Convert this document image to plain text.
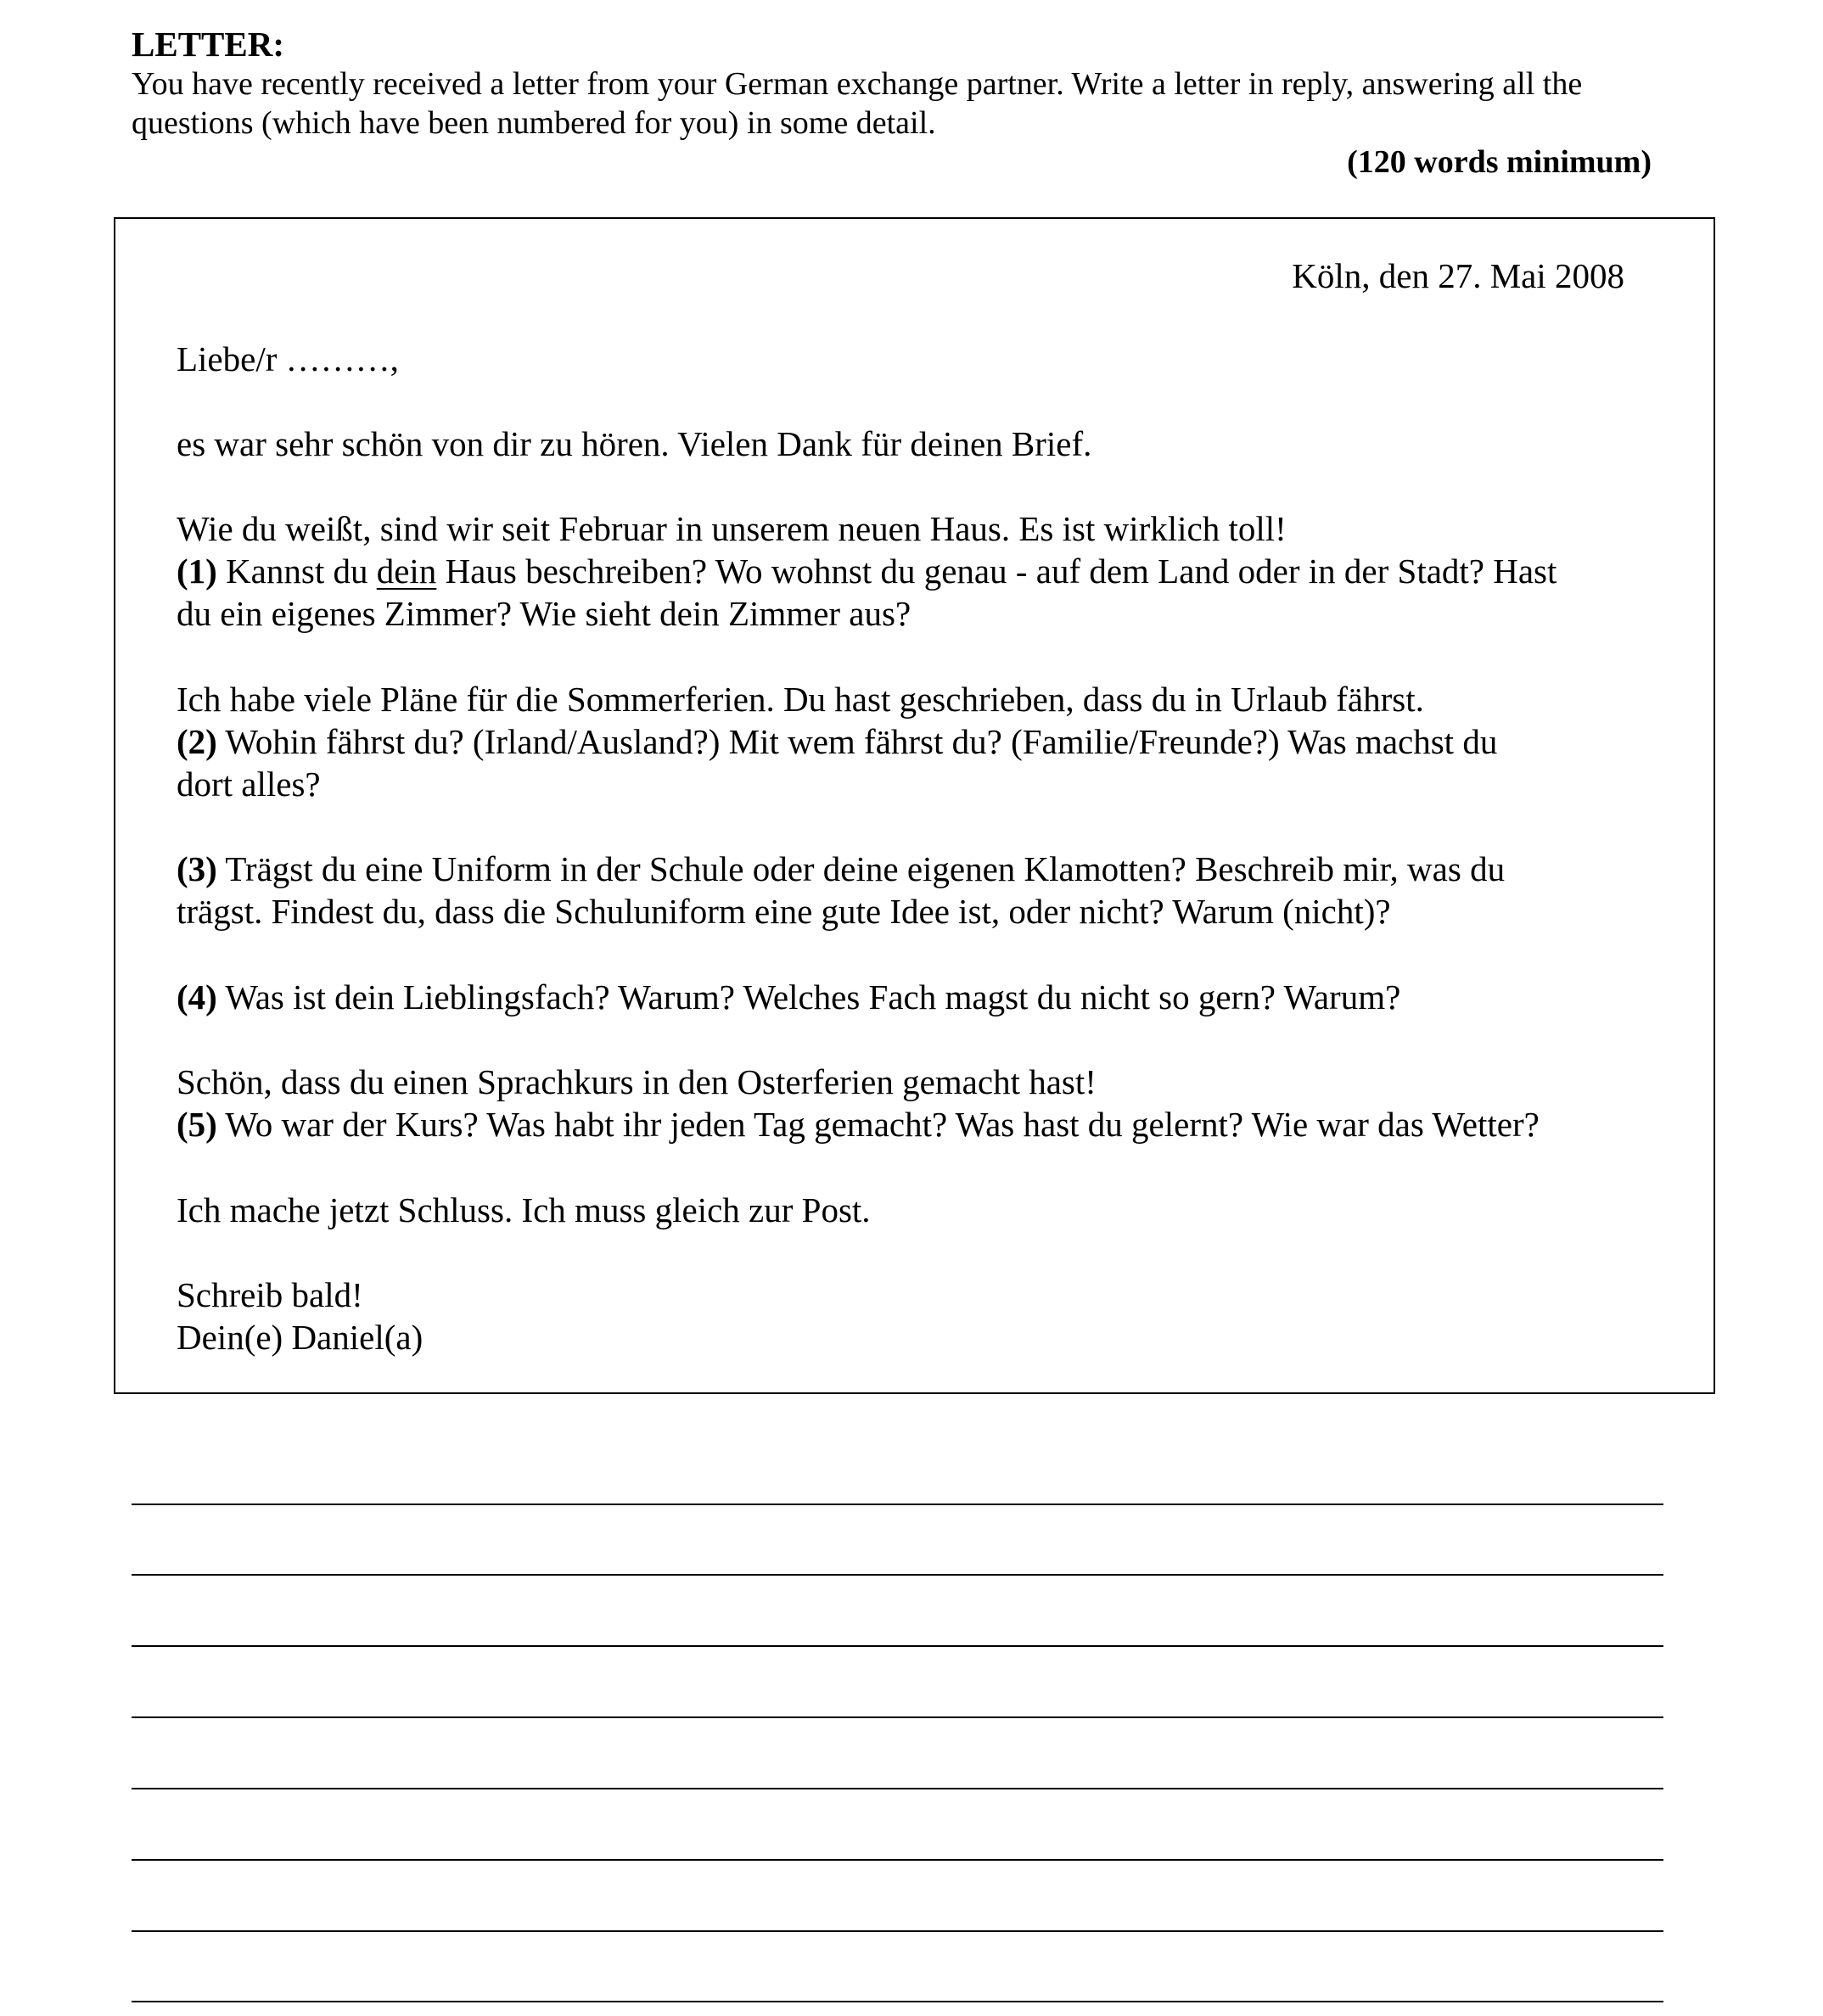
LETTER:

You have recently received a letter from your German exchange partner. Write a letter in reply, answering all the questions (which have been numbered for you) in some detail.

(120 words minimum)
Köln, den 27. Mai 2008
Liebe/r ………,
es war sehr schön von dir zu hören. Vielen Dank für deinen Brief.
Wie du weißt, sind wir seit Februar in unserem neuen Haus. Es ist wirklich toll!
(1) Kannst du dein Haus beschreiben? Wo wohnst du genau - auf dem Land oder in der Stadt? Hast
du ein eigenes Zimmer? Wie sieht dein Zimmer aus?
Ich habe viele Pläne für die Sommerferien. Du hast geschrieben, dass du in Urlaub fährst.
(2) Wohin fährst du? (Irland/Ausland?) Mit wem fährst du? (Familie/Freunde?) Was machst du
dort alles?
(3) Trägst du eine Uniform in der Schule oder deine eigenen Klamotten? Beschreib mir, was du
trägst. Findest du, dass die Schuluniform eine gute Idee ist, oder nicht? Warum (nicht)?
(4) Was ist dein Lieblingsfach? Warum? Welches Fach magst du nicht so gern? Warum?
Schön, dass du einen Sprachkurs in den Osterferien gemacht hast!
(5) Wo war der Kurs? Was habt ihr jeden Tag gemacht? Was hast du gelernt? Wie war das Wetter?
Ich mache jetzt Schluss. Ich muss gleich zur Post.
Schreib bald!
Dein(e) Daniel(a)
